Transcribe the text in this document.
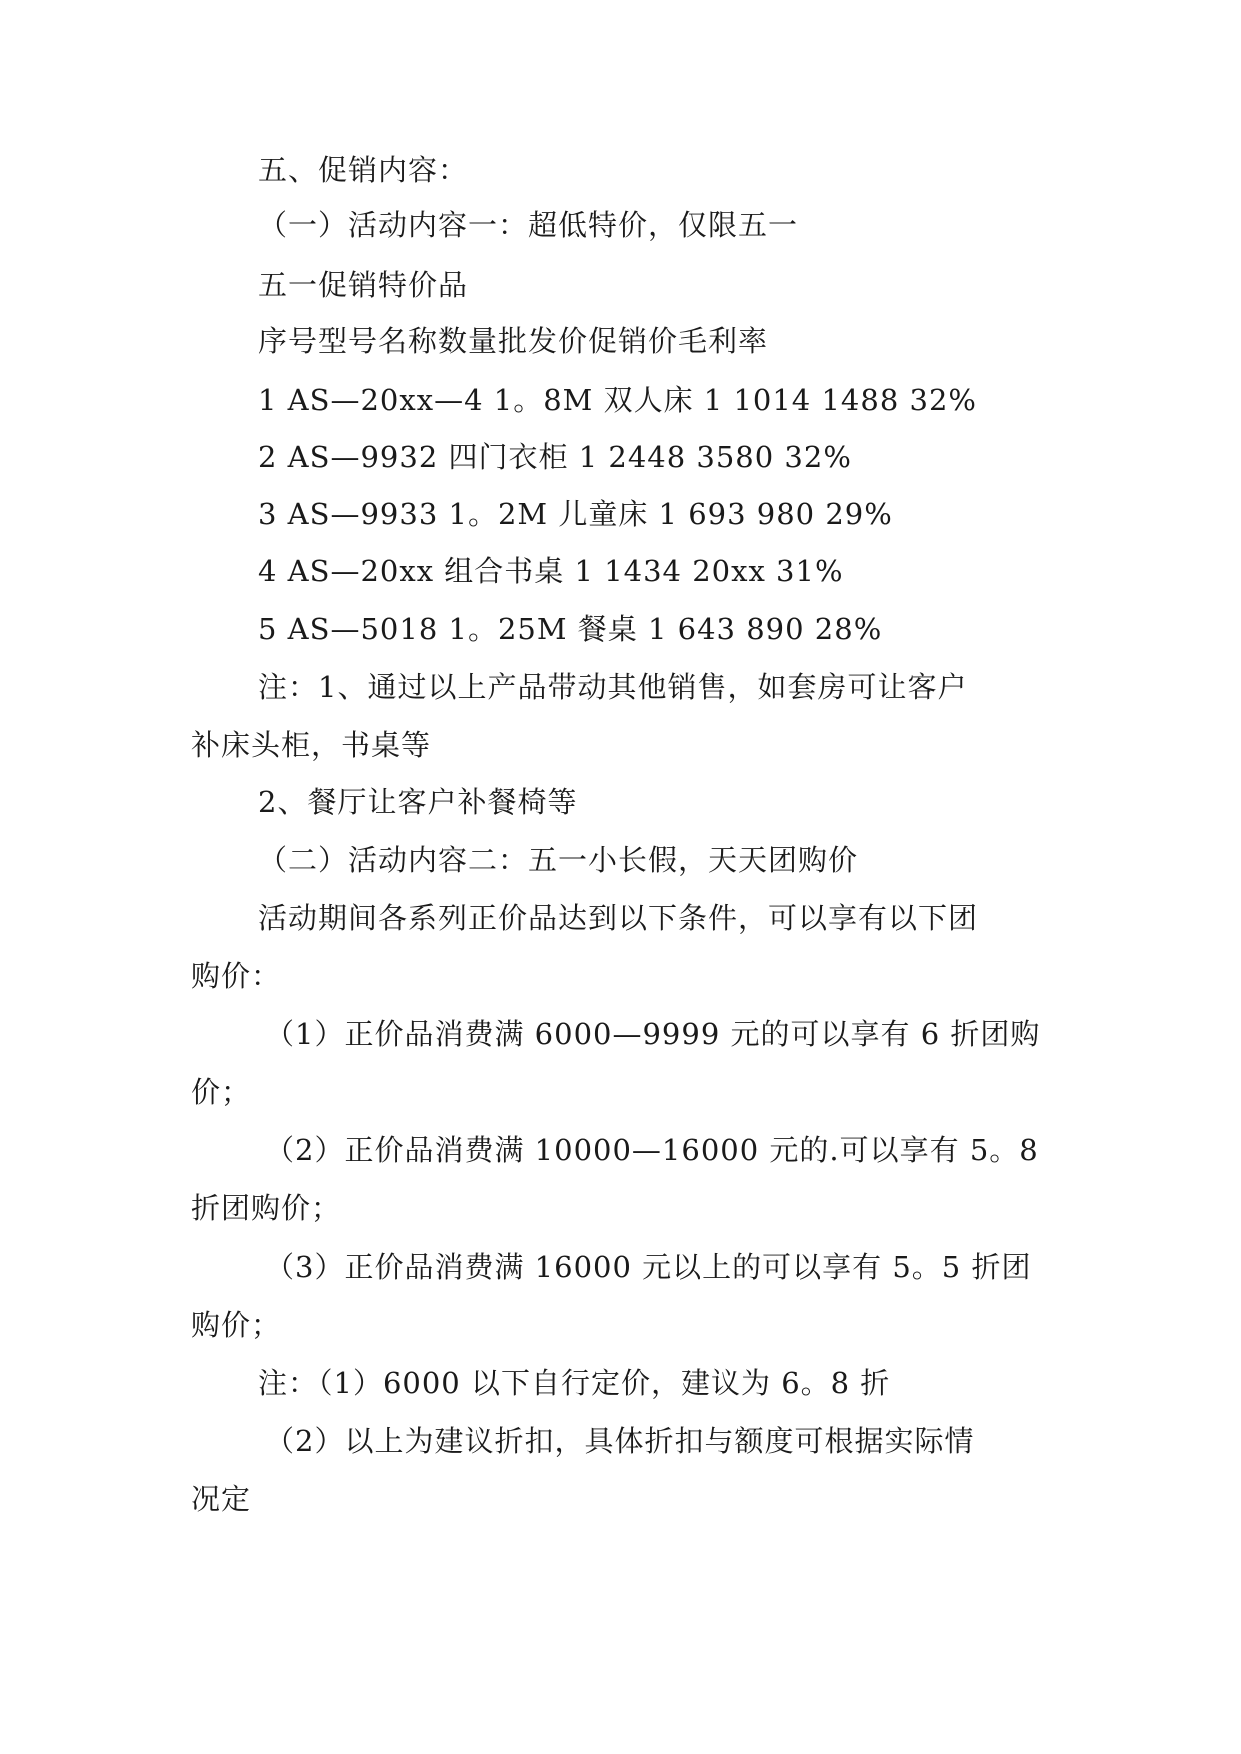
五、促销内容：
（一）活动内容一：超低特价，仅限五一
五一促销特价品
序号型号名称数量批发价促销价毛利率
1 AS—20xx—4 1。8M 双人床 1 1014 1488 32%
2 AS—9932 四门衣柜 1 2448 3580 32%
3 AS—9933 1。2M 儿童床 1 693 980 29%
4 AS—20xx 组合书桌 1 1434 20xx 31%
5 AS—5018 1。25M 餐桌 1 643 890 28%
注：1、通过以上产品带动其他销售，如套房可让客户
补床头柜，书桌等
2、餐厅让客户补餐椅等
（二）活动内容二：五一小长假，天天团购价
活动期间各系列正价品达到以下条件，可以享有以下团
购价：
（1）正价品消费满 6000—9999 元的可以享有 6 折团购
价；
（2）正价品消费满 10000—16000 元的.可以享有 5。8
折团购价；
（3）正价品消费满 16000 元以上的可以享有 5。5 折团
购价；
注：（1）6000 以下自行定价，建议为 6。8 折
（2）以上为建议折扣，具体折扣与额度可根据实际情
况定
